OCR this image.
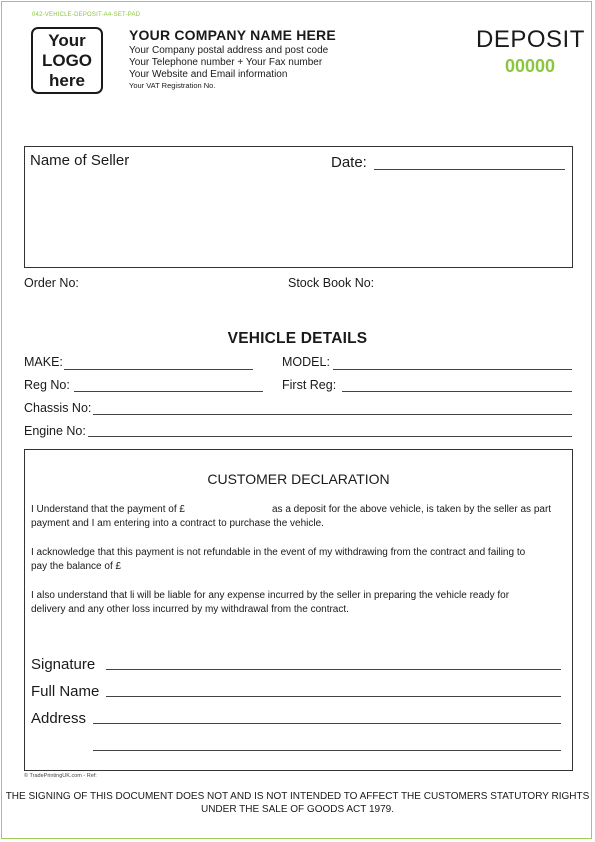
042-VEHICLE-DEPOSIT-A4-SET-PAD
Your
LOGO
here
YOUR COMPANY NAME HERE
Your Company postal address and post code
Your Telephone number + Your Fax number
Your Website and Email information
Your VAT Registration No.
DEPOSIT
00000
Name of Seller	Date:
Order No:	Stock Book No:
VEHICLE DETAILS
MAKE:	MODEL:
Reg No:	First Reg:
Chassis No:
Engine No:
CUSTOMER DECLARATION
I Understand that the payment of £	as a deposit for the above vehicle, is taken by the seller as part
payment and I am entering into a contract to purchase the vehicle.
I acknowledge that this payment is not refundable in the event of my withdrawing from the contract and failing to
pay the balance of £
I also understand that li will be liable for any expense incurred by the seller in preparing the vehicle ready for
delivery and any other loss incurred by my withdrawal from the contract.
Signature
Full Name
Address
© TradePrintingUK.com - Ref:
THE SIGNING OF THIS DOCUMENT DOES NOT AND IS NOT INTENDED TO AFFECT THE CUSTOMERS STATUTORY RIGHTS
UNDER THE SALE OF GOODS ACT 1979.
